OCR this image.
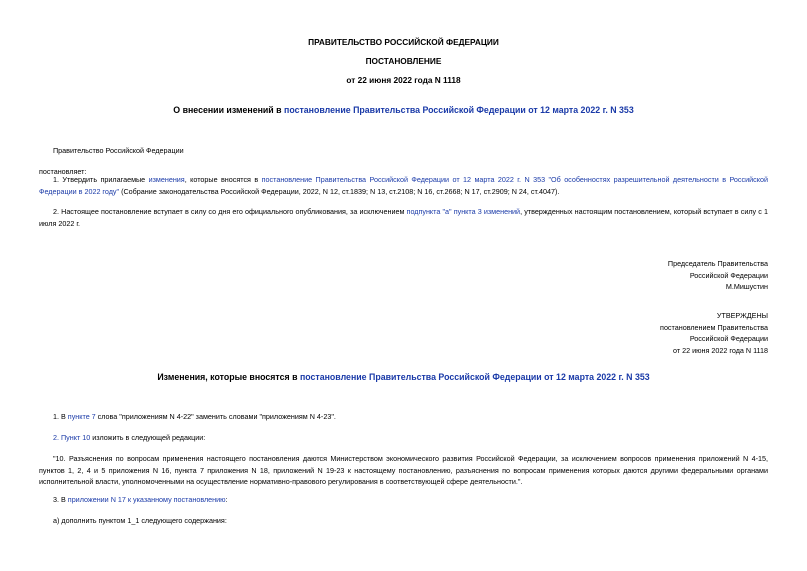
ПРАВИТЕЛЬСТВО РОССИЙСКОЙ ФЕДЕРАЦИИ
ПОСТАНОВЛЕНИЕ
от 22 июня 2022 года N 1118
О внесении изменений в постановление Правительства Российской Федерации от 12 марта 2022 г. N 353
Правительство Российской Федерации
постановляет:
1. Утвердить прилагаемые изменения, которые вносятся в постановление Правительства Российской Федерации от 12 марта 2022 г. N 353 "Об особенностях разрешительной деятельности в Российской Федерации в 2022 году" (Собрание законодательства Российской Федерации, 2022, N 12, ст.1839; N 13, ст.2108; N 16, ст.2668; N 17, ст.2909; N 24, ст.4047).
2. Настоящее постановление вступает в силу со дня его официального опубликования, за исключением подпункта "а" пункта 3 изменений, утвержденных настоящим постановлением, который вступает в силу с 1 июля 2022 г.
Председатель Правительства
Российской Федерации
М.Мишустин
УТВЕРЖДЕНЫ
постановлением Правительства
Российской Федерации
от 22 июня 2022 года N 1118
Изменения, которые вносятся в постановление Правительства Российской Федерации от 12 марта 2022 г. N 353
1. В пункте 7 слова "приложениям N 4-22" заменить словами "приложениям N 4-23".
2. Пункт 10 изложить в следующей редакции:
"10. Разъяснения по вопросам применения настоящего постановления даются Министерством экономического развития Российской Федерации, за исключением вопросов применения приложений N 4-15, пунктов 1, 2, 4 и 5 приложения N 16, пункта 7 приложения N 18, приложений N 19-23 к настоящему постановлению, разъяснения по вопросам применения которых даются другими федеральными органами исполнительной власти, уполномоченными на осуществление нормативно-правового регулирования в соответствующей сфере деятельности.".
3. В приложении N 17 к указанному постановлению:
а) дополнить пунктом 1_1 следующего содержания:
